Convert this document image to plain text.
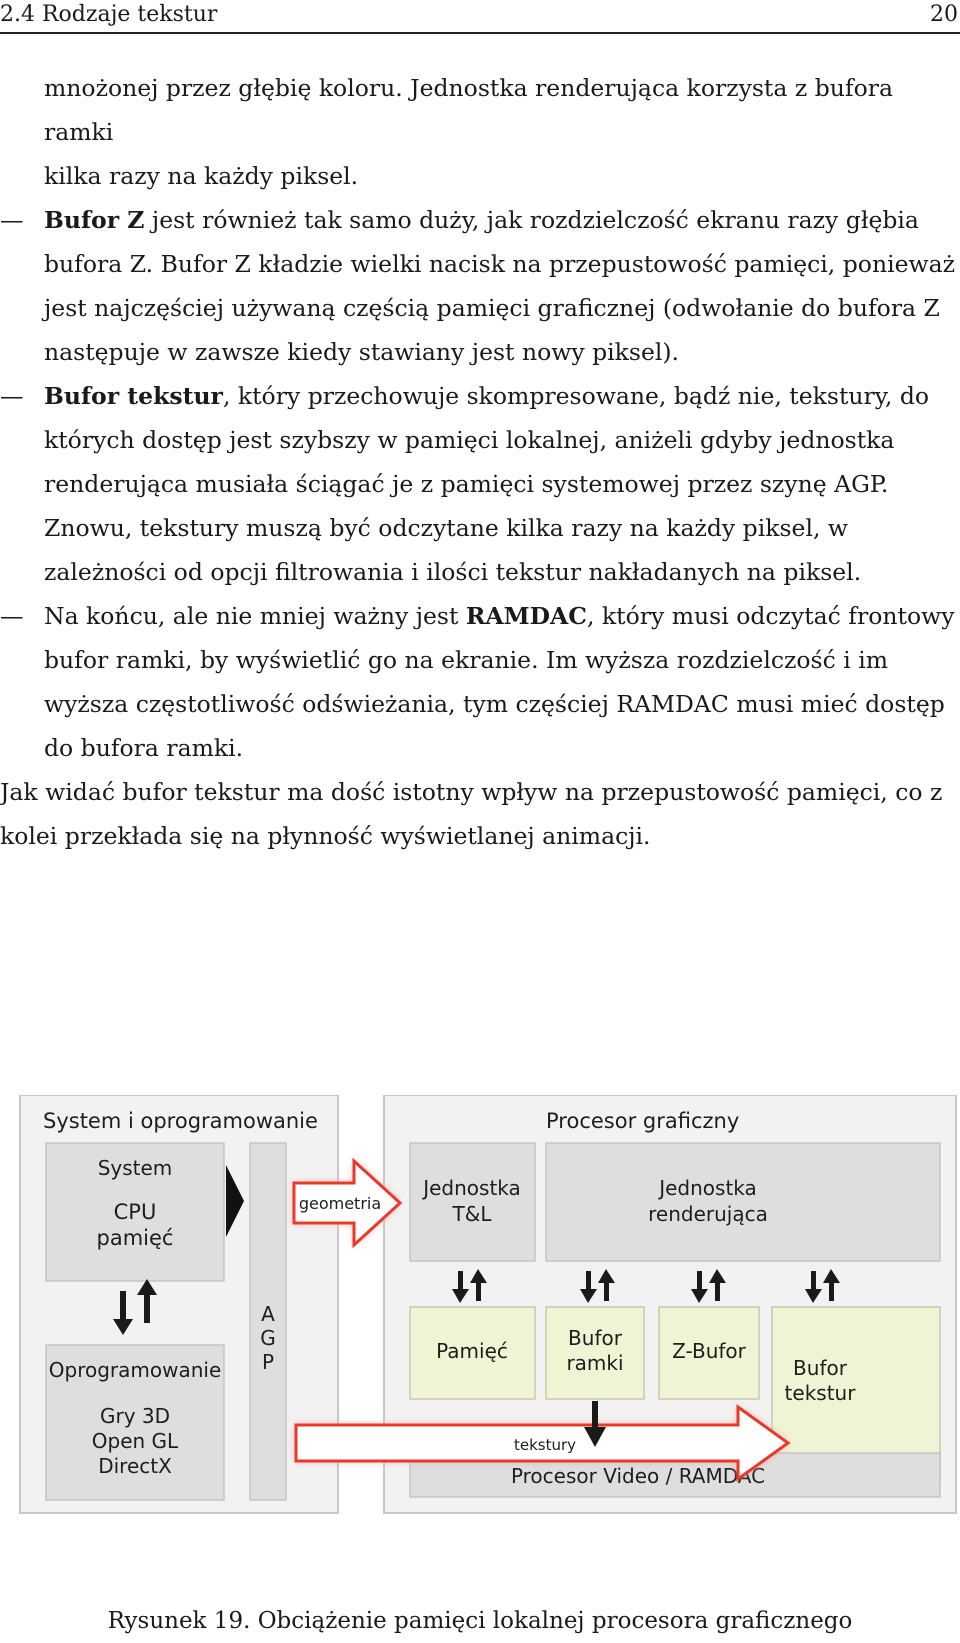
2.4 Rodzaje tekstur	20

mnożonej przez głębię koloru. Jednostka renderująca korzysta z bufora ramki
kilka razy na każdy piksel.

— Bufor Z jest również tak samo duży, jak rozdzielczość ekranu razy głębia bufora Z. Bufor Z kładzie wielki nacisk na przepustowość pamięci, ponieważ jest najczęściej używaną częścią pamięci graficznej (odwołanie do bufora Z następuje w zawsze kiedy stawiany jest nowy piksel).

— Bufor tekstur, który przechowuje skompresowane, bądź nie, tekstury, do których dostęp jest szybszy w pamięci lokalnej, aniżeli gdyby jednostka renderująca musiała ściągać je z pamięci systemowej przez szynę AGP. Znowu, tekstury muszą być odczytane kilka razy na każdy piksel, w zależności od opcji filtrowania i ilości tekstur nakładanych na piksel.

— Na końcu, ale nie mniej ważny jest RAMDAC, który musi odczytać frontowy bufor ramki, by wyświetlić go na ekranie. Im wyższa rozdzielczość i im wyższa częstotliwość odświeżania, tym częściej RAMDAC musi mieć dostęp do bufora ramki.

Jak widać bufor tekstur ma dość istotny wpływ na przepustowość pamięci, co z kolei przekłada się na płynność wyświetlanej animacji.

System i oprogramowanie
System
CPU
pamięć
Oprogramowanie
Gry 3D
Open GL
DirectX
A
G
P
Procesor graficzny
Jednostka
T&L
Jednostka
renderująca
geometria
Pamięć
Bufor
ramki Z-Bufor
Bufor
tekstur
Procesor Video / RAMDAC
tekstury
Rysunek 19. Obciążenie pamięci lokalnej procesora graficznego
